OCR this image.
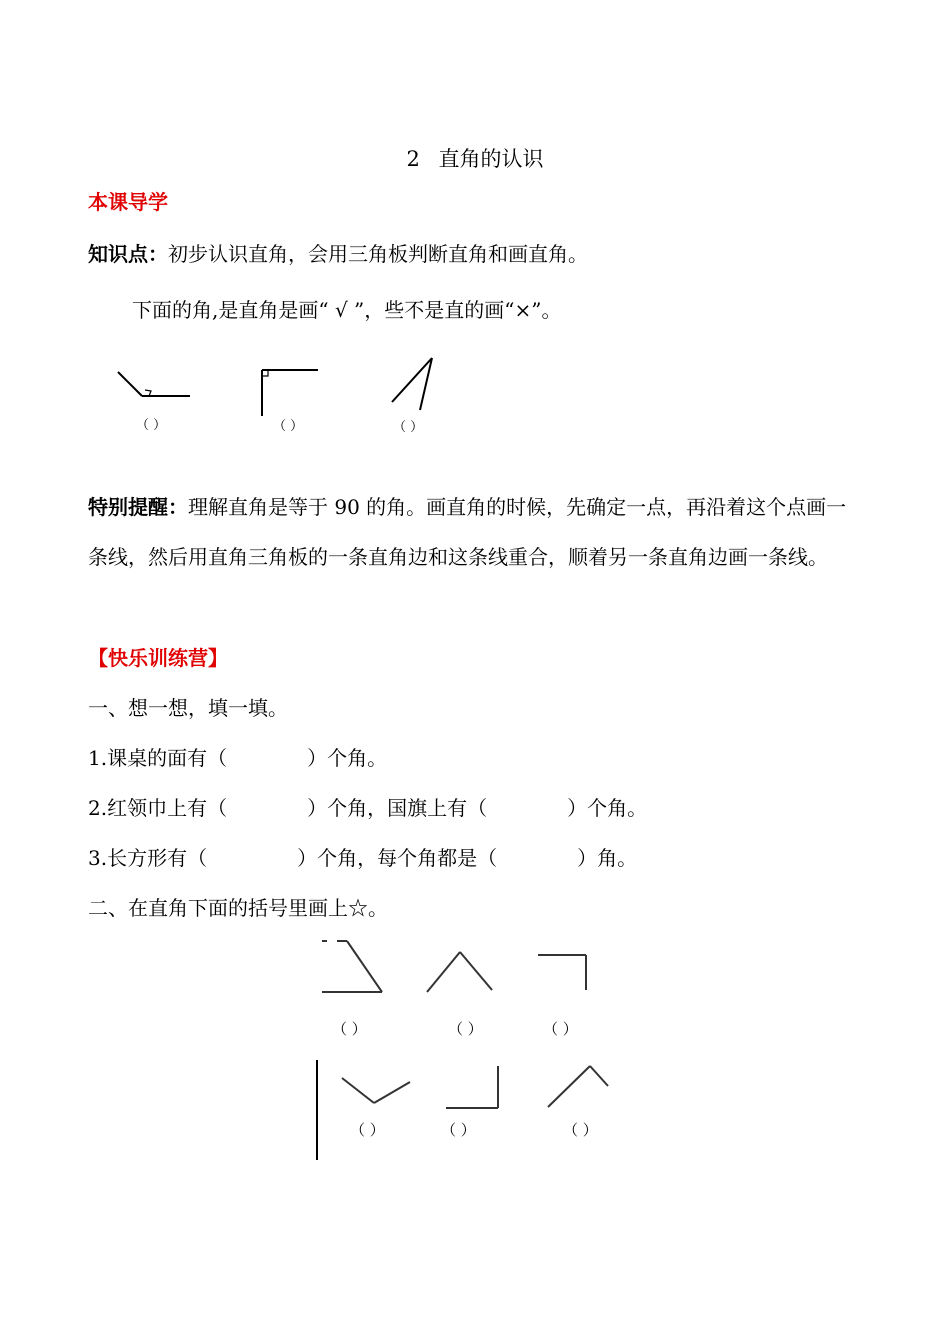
2 直角的认识
本课导学
知识点：初步认识直角，会用三角板判断直角和画直角。
下面的角,是直角是画“ √ ”，些不是直的画“×”。
（ ）	（ ）	（ ）
特别提醒：理解直角是等于 90 的角。画直角的时候，先确定一点，再沿着这个点画一条线，然后用直角三角板的一条直角边和这条线重合，顺着另一条直角边画一条线。
【快乐训练营】
一、想一想，填一填。
1.课桌的面有（	）个角。
2.红领巾上有（	）个角，国旗上有（	）个角。
3.长方形有（	）个角，每个角都是（	）角。
二、在直角下面的括号里画上☆。
（ ）	（ ）	（ ）
（ ）	（ ）	（ ）
